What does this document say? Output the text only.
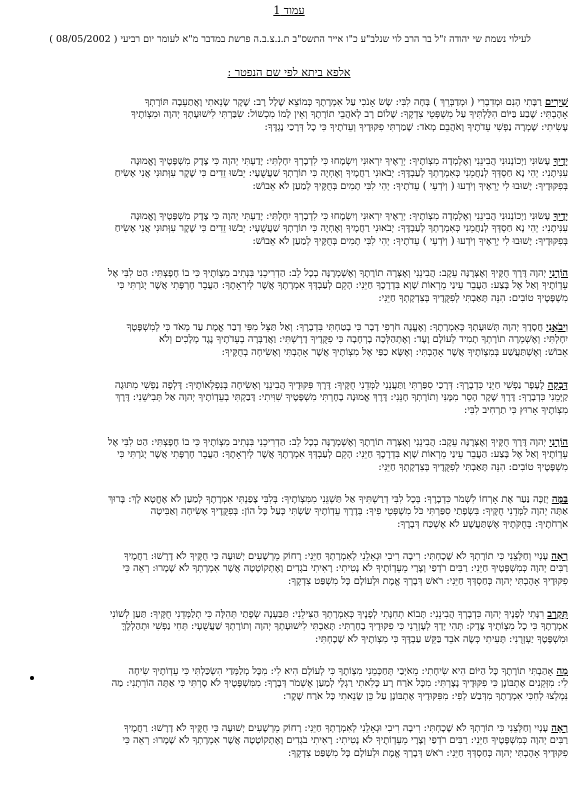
עמוד 1
לעילוי נשמת שי יהודה ז"ל בר הרב לוי שנלב"ע כ"ו אייר התשס"ב ת.נ.צ.ב.ה פרשת במדבר מ"א לעומר יום רביעי ( 08/05/2002 )
אלפא ביתא לפי שם הנפטר :
שִׁירִים רַבָּתִי הָנִם וּמְדִבְרִי ( וּמְדַבְּרֵךְ ) בְּחָה לִבִּי: שָׂשׂ אָנֹכִי עַל אִמְרָתֶךָ כְּמוֹצֵא שָׁלָל רָב: שֶׁקֶר שָׂנֵאתִי וָאֲתַעֵבָה תּוֹרָתְךָ
אָהָבְתִּי: שֶׁבַע בַּיּוֹם הִלַּלְתִּיךָ עַל מִשְׁפְּטֵי צִדְקֶךָ: שָׁלוֹם רָב לְאֹהֲבֵי תוֹרָתֶךָ וְאֵין לָמוֹ מִכְשׁוֹל: שִׂבַּרְתִּי לִישׁוּעָתְךָ יְהוָה וּמִצְוֹתֶיךָ
עָשִׂיתִי: שָׁמְרָה נַפְשִׁי עֵדֹתֶיךָ וָאֹהֲבֵם מְאֹד: שָׁמַרְתִּי פִקּוּדֶיךָ וְעֵדֹתֶיךָ כִּי כָל דְּרָכַי נֶגְדֶּךָ:
יָדֶיךָ עָשׂוּנִי וַיְכוֹנְנוּנִי הֲבִינֵנִי וְאֶלְמְדָה מִצְוֹתֶיךָ: יְרֵאֶיךָ יִרְאוּנִי וְיִשְׂמָחוּ כִּי לִדְבָרְךָ יִחָלְתִּי: יָדַעְתִּי יְהוָה כִּי צֶדֶק מִשְׁפָּטֶיךָ וֶאֱמוּנָה
עִנִּיתָנִי: יְהִי נָא חַסְדְּךָ לְנַחֲמֵנִי כְּאִמְרָתְךָ לְעַבְדֶּךָ: יְבֹאוּנִי רַחֲמֶיךָ וְאֶחְיֶה כִּי תוֹרָתְךָ שַׁעֲשֻׁעָי: יֵבֹשׁוּ זֵדִים כִּי שֶׁקֶר עִוְּתוּנִי אֲנִי אָשִׂיחַ
בְּפִקּוּדֶיךָ: יָשׁוּבוּ לִי יְרֵאֶיךָ וְיֹדְעוּ ( וְיֹדְעֵי ) עֵדֹתֶיךָ: יְהִי לִבִּי תָמִים בְּחֻקֶּיךָ לְמַעַן לֹא אֵבוֹשׁ:
יָדֶיךָ עָשׂוּנִי וַיְכוֹנְנוּנִי הֲבִינֵנִי וְאֶלְמְדָה מִצְוֹתֶיךָ: יְרֵאֶיךָ יִרְאוּנִי וְיִשְׂמָחוּ כִּי לִדְבָרְךָ יִחָלְתִּי: יָדַעְתִּי יְהוָה כִּי צֶדֶק מִשְׁפָּטֶיךָ וֶאֱמוּנָה
עִנִּיתָנִי: יְהִי נָא חַסְדְּךָ לְנַחֲמֵנִי כְּאִמְרָתְךָ לְעַבְדֶּךָ: יְבֹאוּנִי רַחֲמֶיךָ וְאֶחְיֶה כִּי תוֹרָתְךָ שַׁעֲשֻׁעָי: יֵבֹשׁוּ זֵדִים כִּי שֶׁקֶר עִוְּתוּנִי אֲנִי אָשִׂיחַ
בְּפִקּוּדֶיךָ: יָשׁוּבוּ לִי יְרֵאֶיךָ וְיֹדְעוּ ( וְיֹדְעֵי ) עֵדֹתֶיךָ: יְהִי לִבִּי תָמִים בְּחֻקֶּיךָ לְמַעַן לֹא אֵבוֹשׁ:
הוֹרֵנִי יְהוָה דֶּרֶךְ חֻקֶּיךָ וְאֶצְּרֶנָּה עֵקֶב: הֲבִינֵנִי וְאֶצְּרָה תוֹרָתֶךָ וְאֶשְׁמְרֶנָּה בְכָל לֵב: הַדְרִיכֵנִי בִּנְתִיב מִצְוֹתֶיךָ כִּי בוֹ חָפָצְתִּי: הַט לִבִּי אֶל
עֵדְוֹתֶיךָ וְאַל אֶל בָּצַע: הַעֲבֵר עֵינַי מֵרְאוֹת שָׁוְא בִּדְרָכֶךָ חַיֵּנִי: הָקֵם לְעַבְדְּךָ אִמְרָתֶךָ אֲשֶׁר לְיִרְאָתֶךָ: הַעֲבֵר חֶרְפָּתִי אֲשֶׁר יָגֹרְתִּי כִּי
מִשְׁפָּטֶיךָ טוֹבִים: הִנֵּה תָּאַבְתִּי לְפִקֻּדֶיךָ בְּצִדְקָתְךָ חַיֵּנִי:
וִיבֹאֻנִי חֲסָדֶךָ יְהוָה תְּשׁוּעָתְךָ כְּאִמְרָתֶךָ: וְאֶעֱנֶה חֹרְפִי דָבָר כִּי בָטַחְתִּי בִּדְבָרֶךָ: וְאַל תַּצֵּל מִפִּי דְבַר אֱמֶת עַד מְאֹד כִּי לְמִשְׁפָּטֶךָ
יִחָלְתִּי: וְאֶשְׁמְרָה תוֹרָתְךָ תָמִיד לְעוֹלָם וָעֶד: וְאֶתְהַלְּכָה בָרְחָבָה כִּי פִקֻּדֶיךָ דָרָשְׁתִּי: וַאֲדַבְּרָה בְעֵדֹתֶיךָ נֶגֶד מְלָכִים וְלֹא
אֵבוֹשׁ: וְאֶשְׁתַּעֲשַׁע בְּמִצְוֹתֶיךָ אֲשֶׁר אָהָבְתִּי: וְאֶשָּׂא כַפַּי אֶל מִצְוֹתֶיךָ אֲשֶׁר אָהָבְתִּי וְאָשִׂיחָה בְחֻקֶּיךָ:
דָּבְקָה לֶעָפָר נַפְשִׁי חַיֵּנִי כִּדְבָרֶךָ: דְּרָכַי סִפַּרְתִּי וַתַּעֲנֵנִי לַמְּדֵנִי חֻקֶּיךָ: דֶּרֶךְ פִּקּוּדֶיךָ הֲבִינֵנִי וְאָשִׂיחָה בְּנִפְלְאוֹתֶיךָ: דָּלְפָה נַפְשִׁי מִתּוּגָה
קַיְּמֵנִי כִּדְבָרֶךָ: דֶּרֶךְ שֶׁקֶר הָסֵר מִמֶּנִּי וְתוֹרָתְךָ חָנֵּנִי: דֶּרֶךְ אֱמוּנָה בָחָרְתִּי מִשְׁפָּטֶיךָ שִׁוִּיתִי: דָּבַקְתִּי בְעֵדְוֹתֶיךָ יְהוָה אַל תְּבִישֵׁנִי: דֶּרֶךְ
מִצְוֹתֶיךָ אָרוּץ כִּי תַרְחִיב לִבִּי:
הוֹרֵנִי יְהוָה דֶּרֶךְ חֻקֶּיךָ וְאֶצְּרֶנָּה עֵקֶב: הֲבִינֵנִי וְאֶצְּרָה תוֹרָתֶךָ וְאֶשְׁמְרֶנָּה בְכָל לֵב: הַדְרִיכֵנִי בִּנְתִיב מִצְוֹתֶיךָ כִּי בוֹ חָפָצְתִּי: הַט לִבִּי אֶל
עֵדְוֹתֶיךָ וְאַל אֶל בָּצַע: הַעֲבֵר עֵינַי מֵרְאוֹת שָׁוְא בִּדְרָכֶךָ חַיֵּנִי: הָקֵם לְעַבְדְּךָ אִמְרָתֶךָ אֲשֶׁר לְיִרְאָתֶךָ: הַעֲבֵר חֶרְפָּתִי אֲשֶׁר יָגֹרְתִּי כִּי
מִשְׁפָּטֶיךָ טוֹבִים: הִנֵּה תָּאַבְתִּי לְפִקֻּדֶיךָ בְּצִדְקָתְךָ חַיֵּנִי:
בַּמֶּה יְזַכֶּה נַּעַר אֶת אָרְחוֹ לִשְׁמֹר כִּדְבָרֶךָ: בְּכָל לִבִּי דְרַשְׁתִּיךָ אַל תַּשְׁגֵּנִי מִמִּצְוֹתֶיךָ: בְּלִבִּי צָפַנְתִּי אִמְרָתֶךָ לְמַעַן לֹא אֶחֱטָא לָךְ: בָּרוּךְ
אַתָּה יְהוָה לַמְּדֵנִי חֻקֶּיךָ: בִּשְׂפָתַי סִפַּרְתִּי כֹּל מִשְׁפְּטֵי פִיךָ: בְּדֶרֶךְ עֵדְוֹתֶיךָ שַׂשְׂתִּי כְּעַל כָּל הוֹן: בְּפִקֻּדֶיךָ אָשִׂיחָה וְאַבִּיטָה
אֹרְחֹתֶיךָ: בְּחֻקֹּתֶיךָ אֶשְׁתַּעֲשָׁע לֹא אֶשְׁכַּח דְּבָרֶךָ:
רְאֵה עָנְיִי וְחַלְּצֵנִי כִּי תוֹרָתְךָ לֹא שָׁכָחְתִּי: רִיבָה רִיבִי וּגְאָלֵנִי לְאִמְרָתְךָ חַיֵּנִי: רָחוֹק מֵרְשָׁעִים יְשׁוּעָה כִּי חֻקֶּיךָ לֹא דָרָשׁוּ: רַחֲמֶיךָ
רַבִּים יְהוָה כְּמִשְׁפָּטֶיךָ חַיֵּנִי: רַבִּים רֹדְפַי וְצָרָי מֵעֵדְוֹתֶיךָ לֹא נָטִיתִי: רָאִיתִי בֹגְדִים וָאֶתְקוֹטָטָה אֲשֶׁר אִמְרָתְךָ לֹא שָׁמָרוּ: רְאֵה כִּי
פִקּוּדֶיךָ אָהָבְתִּי יְהוָה כְּחַסְדְּךָ חַיֵּנִי: רֹאשׁ דְּבָרְךָ אֱמֶת וּלְעוֹלָם כָּל מִשְׁפַּט צִדְקֶךָ:
תִּקְרַב רִנָּתִי לְפָנֶיךָ יְהוָה כִּדְבָרְךָ הֲבִינֵנִי: תָּבוֹא תְחִנָּתִי לְפָנֶיךָ כְּאִמְרָתְךָ הַצִּילֵנִי: תַּבַּעְנָה שְׂפָתַי תְּהִלָּה כִּי תְלַמְּדֵנִי חֻקֶּיךָ: תַּעַן לְשׁוֹנִי
אִמְרָתֶךָ כִּי כָל מִצְוֹתֶיךָ צֶּדֶק: תְּהִי יָדְךָ לְעָזְרֵנִי כִּי פִקּוּדֶיךָ בָחָרְתִּי: תָּאַבְתִּי לִישׁוּעָתְךָ יְהוָה וְתוֹרָתְךָ שַׁעֲשֻׁעָי: תְּחִי נַפְשִׁי וּתְהַלְלֶךָּ
וּמִשְׁפָּטֶךָ יַעְזְרֻנִי: תָּעִיתִי כְּשֶׂה אֹבֵד בַּקֵּשׁ עַבְדֶּךָ כִּי מִצְוֹתֶיךָ לֹא שָׁכָחְתִּי:
מָה אָהַבְתִּי תוֹרָתֶךָ כָּל הַיּוֹם הִיא שִׂיחָתִי: מֵאֹיְבַי תְּחַכְּמֵנִי מִצְוֹתֶךָ כִּי לְעוֹלָם הִיא לִי: מִכָּל מְלַמְּדַי הִשְׂכַּלְתִּי כִּי עֵדְוֹתֶיךָ שִׂיחָה
לִי: מִזְּקֵנִים אֶתְבּוֹנָן כִּי פִקּוּדֶיךָ נָצָרְתִּי: מִכָּל אֹרַח רָע כָּלִאתִי רַגְלָי לְמַעַן אֶשְׁמֹר דְּבָרֶךָ: מִמִּשְׁפָּטֶיךָ לֹא סָרְתִּי כִּי אַתָּה הוֹרֵתָנִי: מַה
נִּמְלְצוּ לְחִכִּי אִמְרָתֶךָ מִדְּבַשׁ לְפִי: מִפִּקּוּדֶיךָ אֶתְבּוֹנָן עַל כֵּן שָׂנֵאתִי כָּל אֹרַח שָׁקֶר:
רְאֵה עָנְיִי וְחַלְּצֵנִי כִּי תוֹרָתְךָ לֹא שָׁכָחְתִּי: רִיבָה רִיבִי וּגְאָלֵנִי לְאִמְרָתְךָ חַיֵּנִי: רָחוֹק מֵרְשָׁעִים יְשׁוּעָה כִּי חֻקֶּיךָ לֹא דָרָשׁוּ: רַחֲמֶיךָ
רַבִּים יְהוָה כְּמִשְׁפָּטֶיךָ חַיֵּנִי: רַבִּים רֹדְפַי וְצָרָי מֵעֵדְוֹתֶיךָ לֹא נָטִיתִי: רָאִיתִי בֹגְדִים וָאֶתְקוֹטָטָה אֲשֶׁר אִמְרָתְךָ לֹא שָׁמָרוּ: רְאֵה כִּי
פִקּוּדֶיךָ אָהָבְתִּי יְהוָה כְּחַסְדְּךָ חַיֵּנִי: רֹאשׁ דְּבָרְךָ אֱמֶת וּלְעוֹלָם כָּל מִשְׁפַּט צִדְקֶךָ:
